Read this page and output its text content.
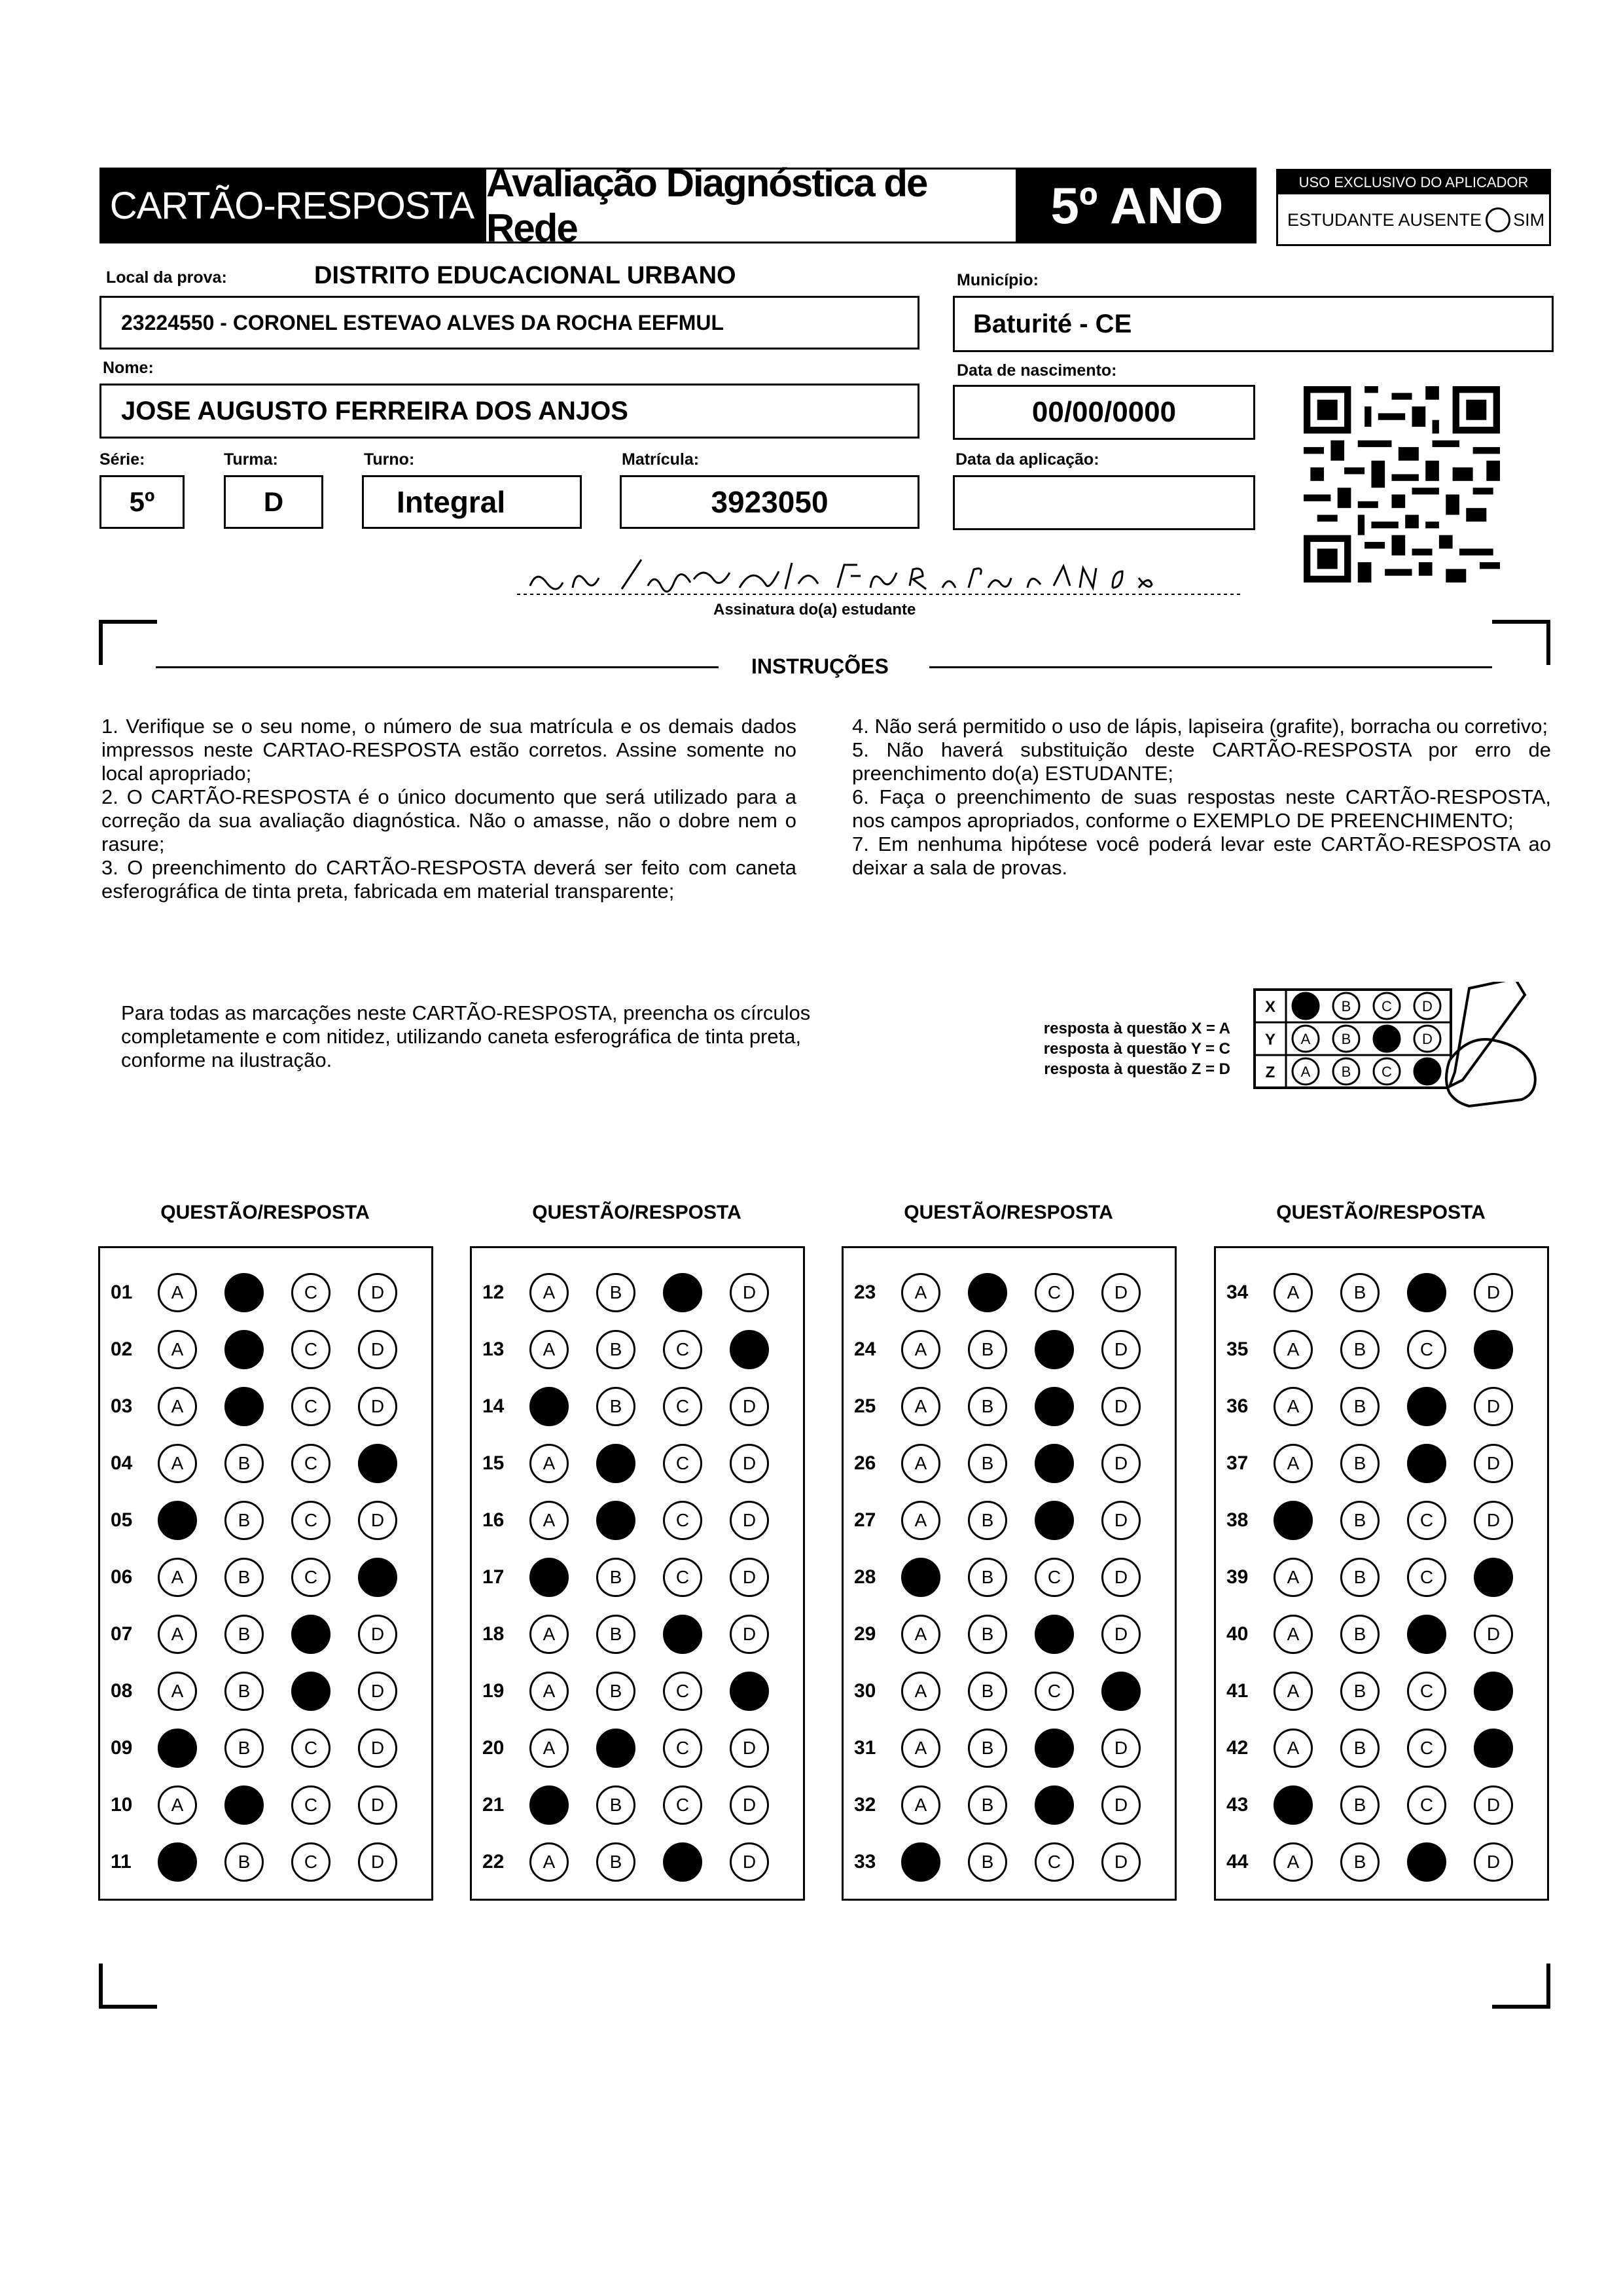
CARTÃO-RESPOSTA
Avaliação Diagnóstica de Rede	5º ANO	USO EXCLUSIVO DO APLICADOR
ESTUDANTE AUSENTE SIM
Local da prova:	DISTRITO EDUCACIONAL URBANO
23224550 - CORONEL ESTEVAO ALVES DA ROCHA EEFMUL
Município:
Baturité - CE
Nome:
JOSE AUGUSTO FERREIRA DOS ANJOS
Data de nascimento:
00/00/0000
Série:
5º
Turma:
D
Turno:
Integral
Matrícula:
3923050
Data da aplicação:
Assinatura do(a) estudante
INSTRUÇÕES

1. Verifique se o seu nome, o número de sua matrícula e os demais dados impressos neste CARTAO-RESPOSTA estão corretos. Assine somente no local apropriado;

2. O CARTÃO-RESPOSTA é o único documento que será utilizado para a correção da sua avaliação diagnóstica. Não o amasse, não o dobre nem o rasure;

3. O preenchimento do CARTÃO-RESPOSTA deverá ser feito com caneta esferográfica de tinta preta, fabricada em material transparente;

4. Não será permitido o uso de lápis, lapiseira (grafite), borracha ou corretivo;

5. Não haverá substituição deste CARTÃO-RESPOSTA por erro de preenchimento do(a) ESTUDANTE;

6. Faça o preenchimento de suas respostas neste CARTÃO-RESPOSTA, nos campos apropriados, conforme o EXEMPLO DE PREENCHIMENTO;

7. Em nenhuma hipótese você poderá levar este CARTÃO-RESPOSTA ao deixar a sala de provas.

Para todas as marcações neste CARTÃO-RESPOSTA, preencha os círculos completamente e com nitidez, utilizando caneta esferográfica de tinta preta, conforme na ilustração.
resposta à questão X = A
resposta à questão Y = C
resposta à questão Z = D
X	B C D
Y A B	D
Z A B C
QUESTÃO/RESPOSTA
01	A	B	C	D
02	A	B	C	D
03	A	B	C	D
04	A	B	C	D
05	A	B	C	D
06	A	B	C	D
07	A	B	C	D
08	A	B	C	D
09	A	B	C	D
10	A	B	C	D
11	A	B	C	D
QUESTÃO/RESPOSTA
12	A	B	C	D
13	A	B	C	D
14	A	B	C	D
15	A	B	C	D
16	A	B	C	D
17	A	B	C	D
18	A	B	C	D
19	A	B	C	D
20	A	B	C	D
21	A	B	C	D
22	A	B	C	D
QUESTÃO/RESPOSTA
23	A	B	C	D
24	A	B	C	D
25	A	B	C	D
26	A	B	C	D
27	A	B	C	D
28	A	B	C	D
29	A	B	C	D
30	A	B	C	D
31	A	B	C	D
32	A	B	C	D
33	A	B	C	D
QUESTÃO/RESPOSTA
34	A	B	C	D
35	A	B	C	D
36	A	B	C	D
37	A	B	C	D
38	A	B	C	D
39	A	B	C	D
40	A	B	C	D
41	A	B	C	D
42	A	B	C	D
43	A	B	C	D
44	A	B	C	D
